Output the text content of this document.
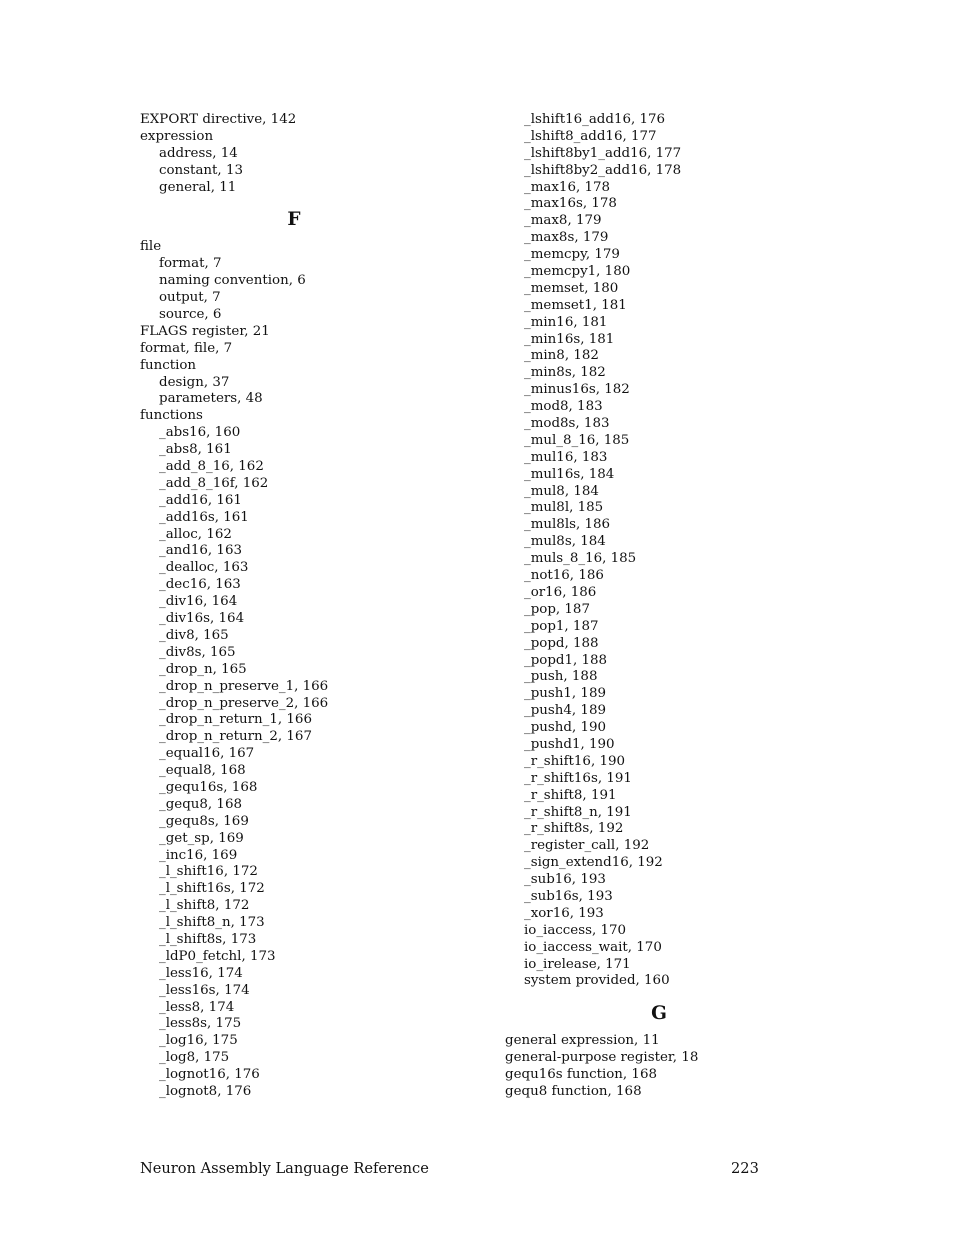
EXPORT directive, 142
expression
address, 14
constant, 13
general, 11
F
file
format, 7
naming convention, 6
output, 7
source, 6
FLAGS register, 21
format, file, 7
function
design, 37
parameters, 48
functions
_abs16, 160
_abs8, 161
_add_8_16, 162
_add_8_16f, 162
_add16, 161
_add16s, 161
_alloc, 162
_and16, 163
_dealloc, 163
_dec16, 163
_div16, 164
_div16s, 164
_div8, 165
_div8s, 165
_drop_n, 165
_drop_n_preserve_1, 166
_drop_n_preserve_2, 166
_drop_n_return_1, 166
_drop_n_return_2, 167
_equal16, 167
_equal8, 168
_gequ16s, 168
_gequ8, 168
_gequ8s, 169
_get_sp, 169
_inc16, 169
_l_shift16, 172
_l_shift16s, 172
_l_shift8, 172
_l_shift8_n, 173
_l_shift8s, 173
_ldP0_fetchl, 173
_less16, 174
_less16s, 174
_less8, 174
_less8s, 175
_log16, 175
_log8, 175
_lognot16, 176
_lognot8, 176
_lshift16_add16, 176
_lshift8_add16, 177
_lshift8by1_add16, 177
_lshift8by2_add16, 178
_max16, 178
_max16s, 178
_max8, 179
_max8s, 179
_memcpy, 179
_memcpy1, 180
_memset, 180
_memset1, 181
_min16, 181
_min16s, 181
_min8, 182
_min8s, 182
_minus16s, 182
_mod8, 183
_mod8s, 183
_mul_8_16, 185
_mul16, 183
_mul16s, 184
_mul8, 184
_mul8l, 185
_mul8ls, 186
_mul8s, 184
_muls_8_16, 185
_not16, 186
_or16, 186
_pop, 187
_pop1, 187
_popd, 188
_popd1, 188
_push, 188
_push1, 189
_push4, 189
_pushd, 190
_pushd1, 190
_r_shift16, 190
_r_shift16s, 191
_r_shift8, 191
_r_shift8_n, 191
_r_shift8s, 192
_register_call, 192
_sign_extend16, 192
_sub16, 193
_sub16s, 193
_xor16, 193
io_iaccess, 170
io_iaccess_wait, 170
io_irelease, 171
system provided, 160
G
general expression, 11
general-purpose register, 18
gequ16s function, 168
gequ8 function, 168
Neuron Assembly Language Reference	223
